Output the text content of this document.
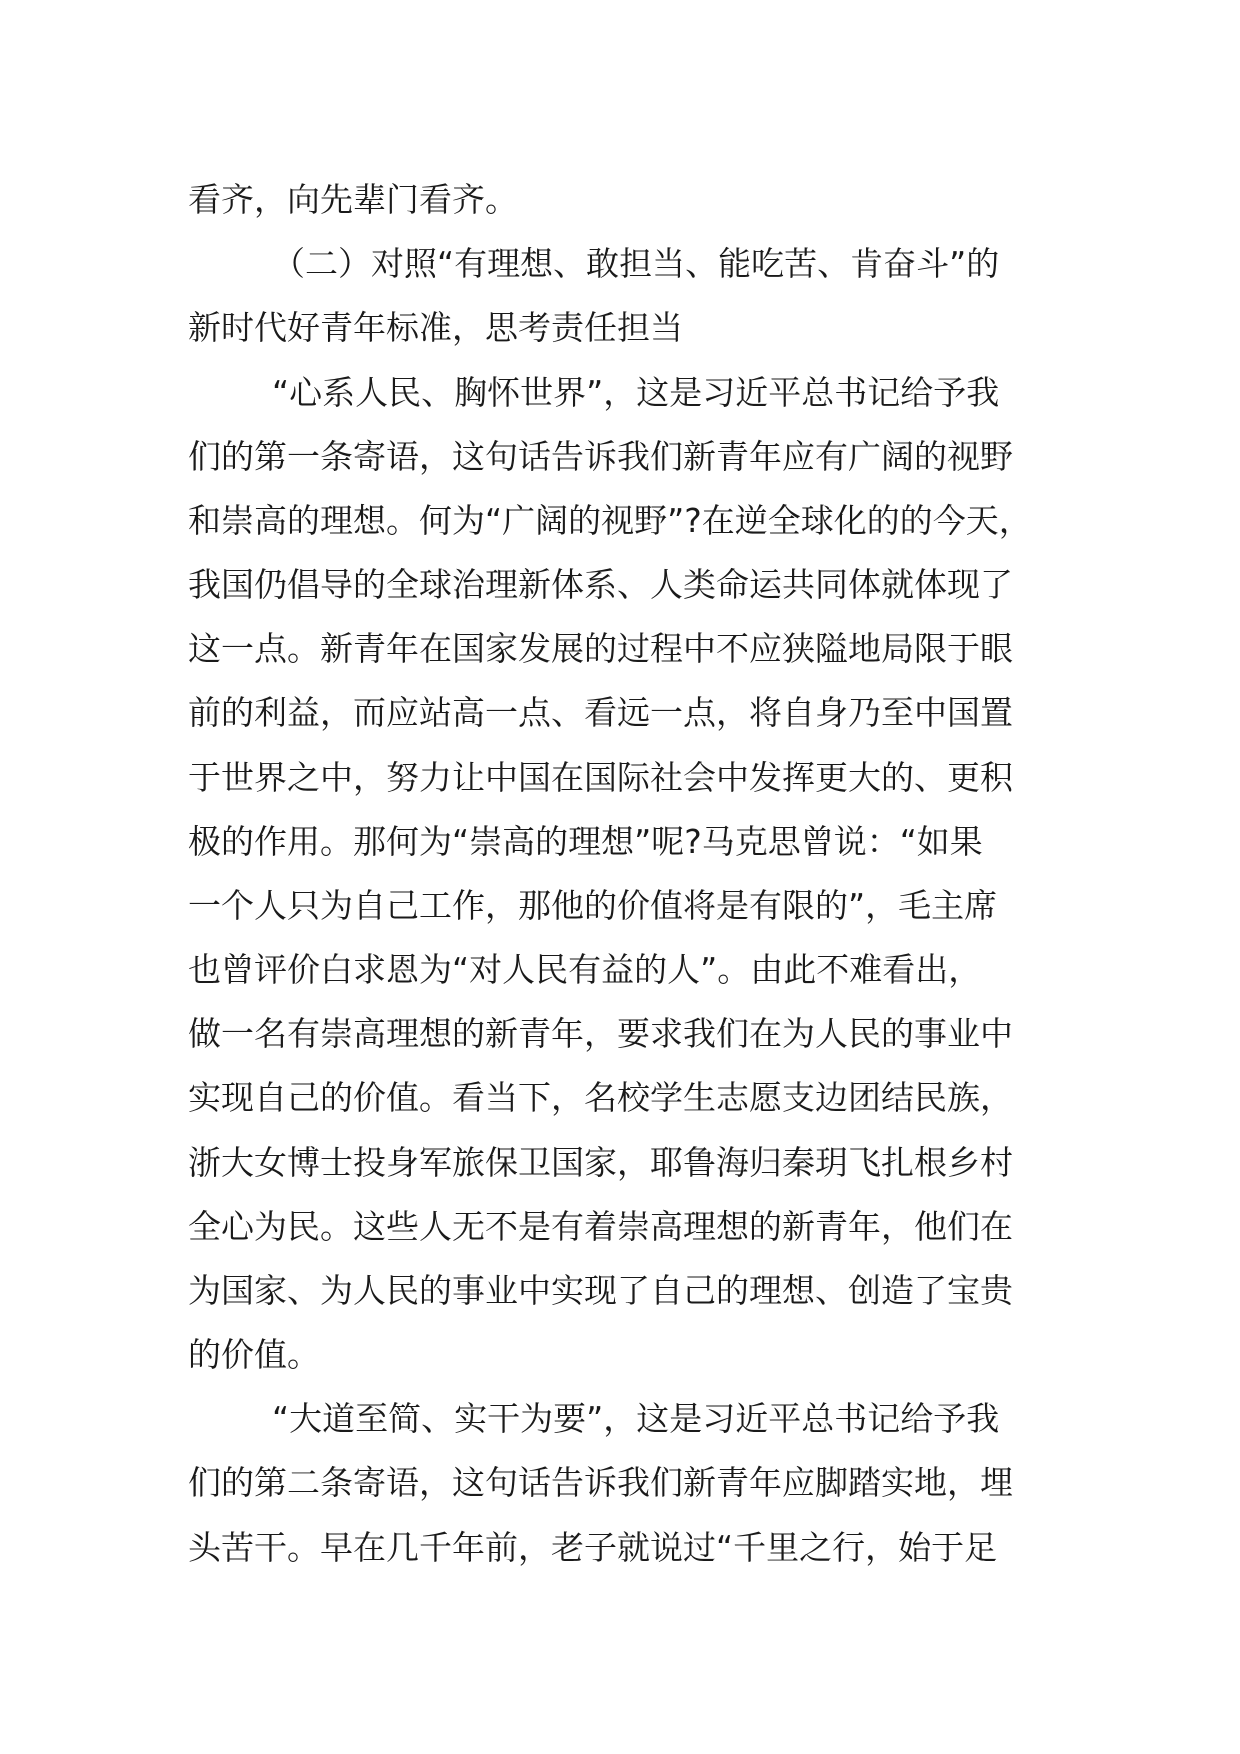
看齐，向先辈门看齐。
（二）对照“有理想、敢担当、能吃苦、肯奋斗”的
新时代好青年标准，思考责任担当
“心系人民、胸怀世界”，这是习近平总书记给予我
们的第一条寄语，这句话告诉我们新青年应有广阔的视野
和崇高的理想。何为“广阔的视野”?在逆全球化的的今天，
我国仍倡导的全球治理新体系、人类命运共同体就体现了
这一点。新青年在国家发展的过程中不应狭隘地局限于眼
前的利益，而应站高一点、看远一点，将自身乃至中国置
于世界之中，努力让中国在国际社会中发挥更大的、更积
极的作用。那何为“崇高的理想”呢?马克思曾说：“如果
一个人只为自己工作，那他的价值将是有限的”，毛主席
也曾评价白求恩为“对人民有益的人”。由此不难看出，
做一名有崇高理想的新青年，要求我们在为人民的事业中
实现自己的价值。看当下，名校学生志愿支边团结民族，
浙大女博士投身军旅保卫国家，耶鲁海归秦玥飞扎根乡村
全心为民。这些人无不是有着崇高理想的新青年，他们在
为国家、为人民的事业中实现了自己的理想、创造了宝贵
的价值。
“大道至简、实干为要”，这是习近平总书记给予我
们的第二条寄语，这句话告诉我们新青年应脚踏实地，埋
头苦干。早在几千年前，老子就说过“千里之行，始于足
